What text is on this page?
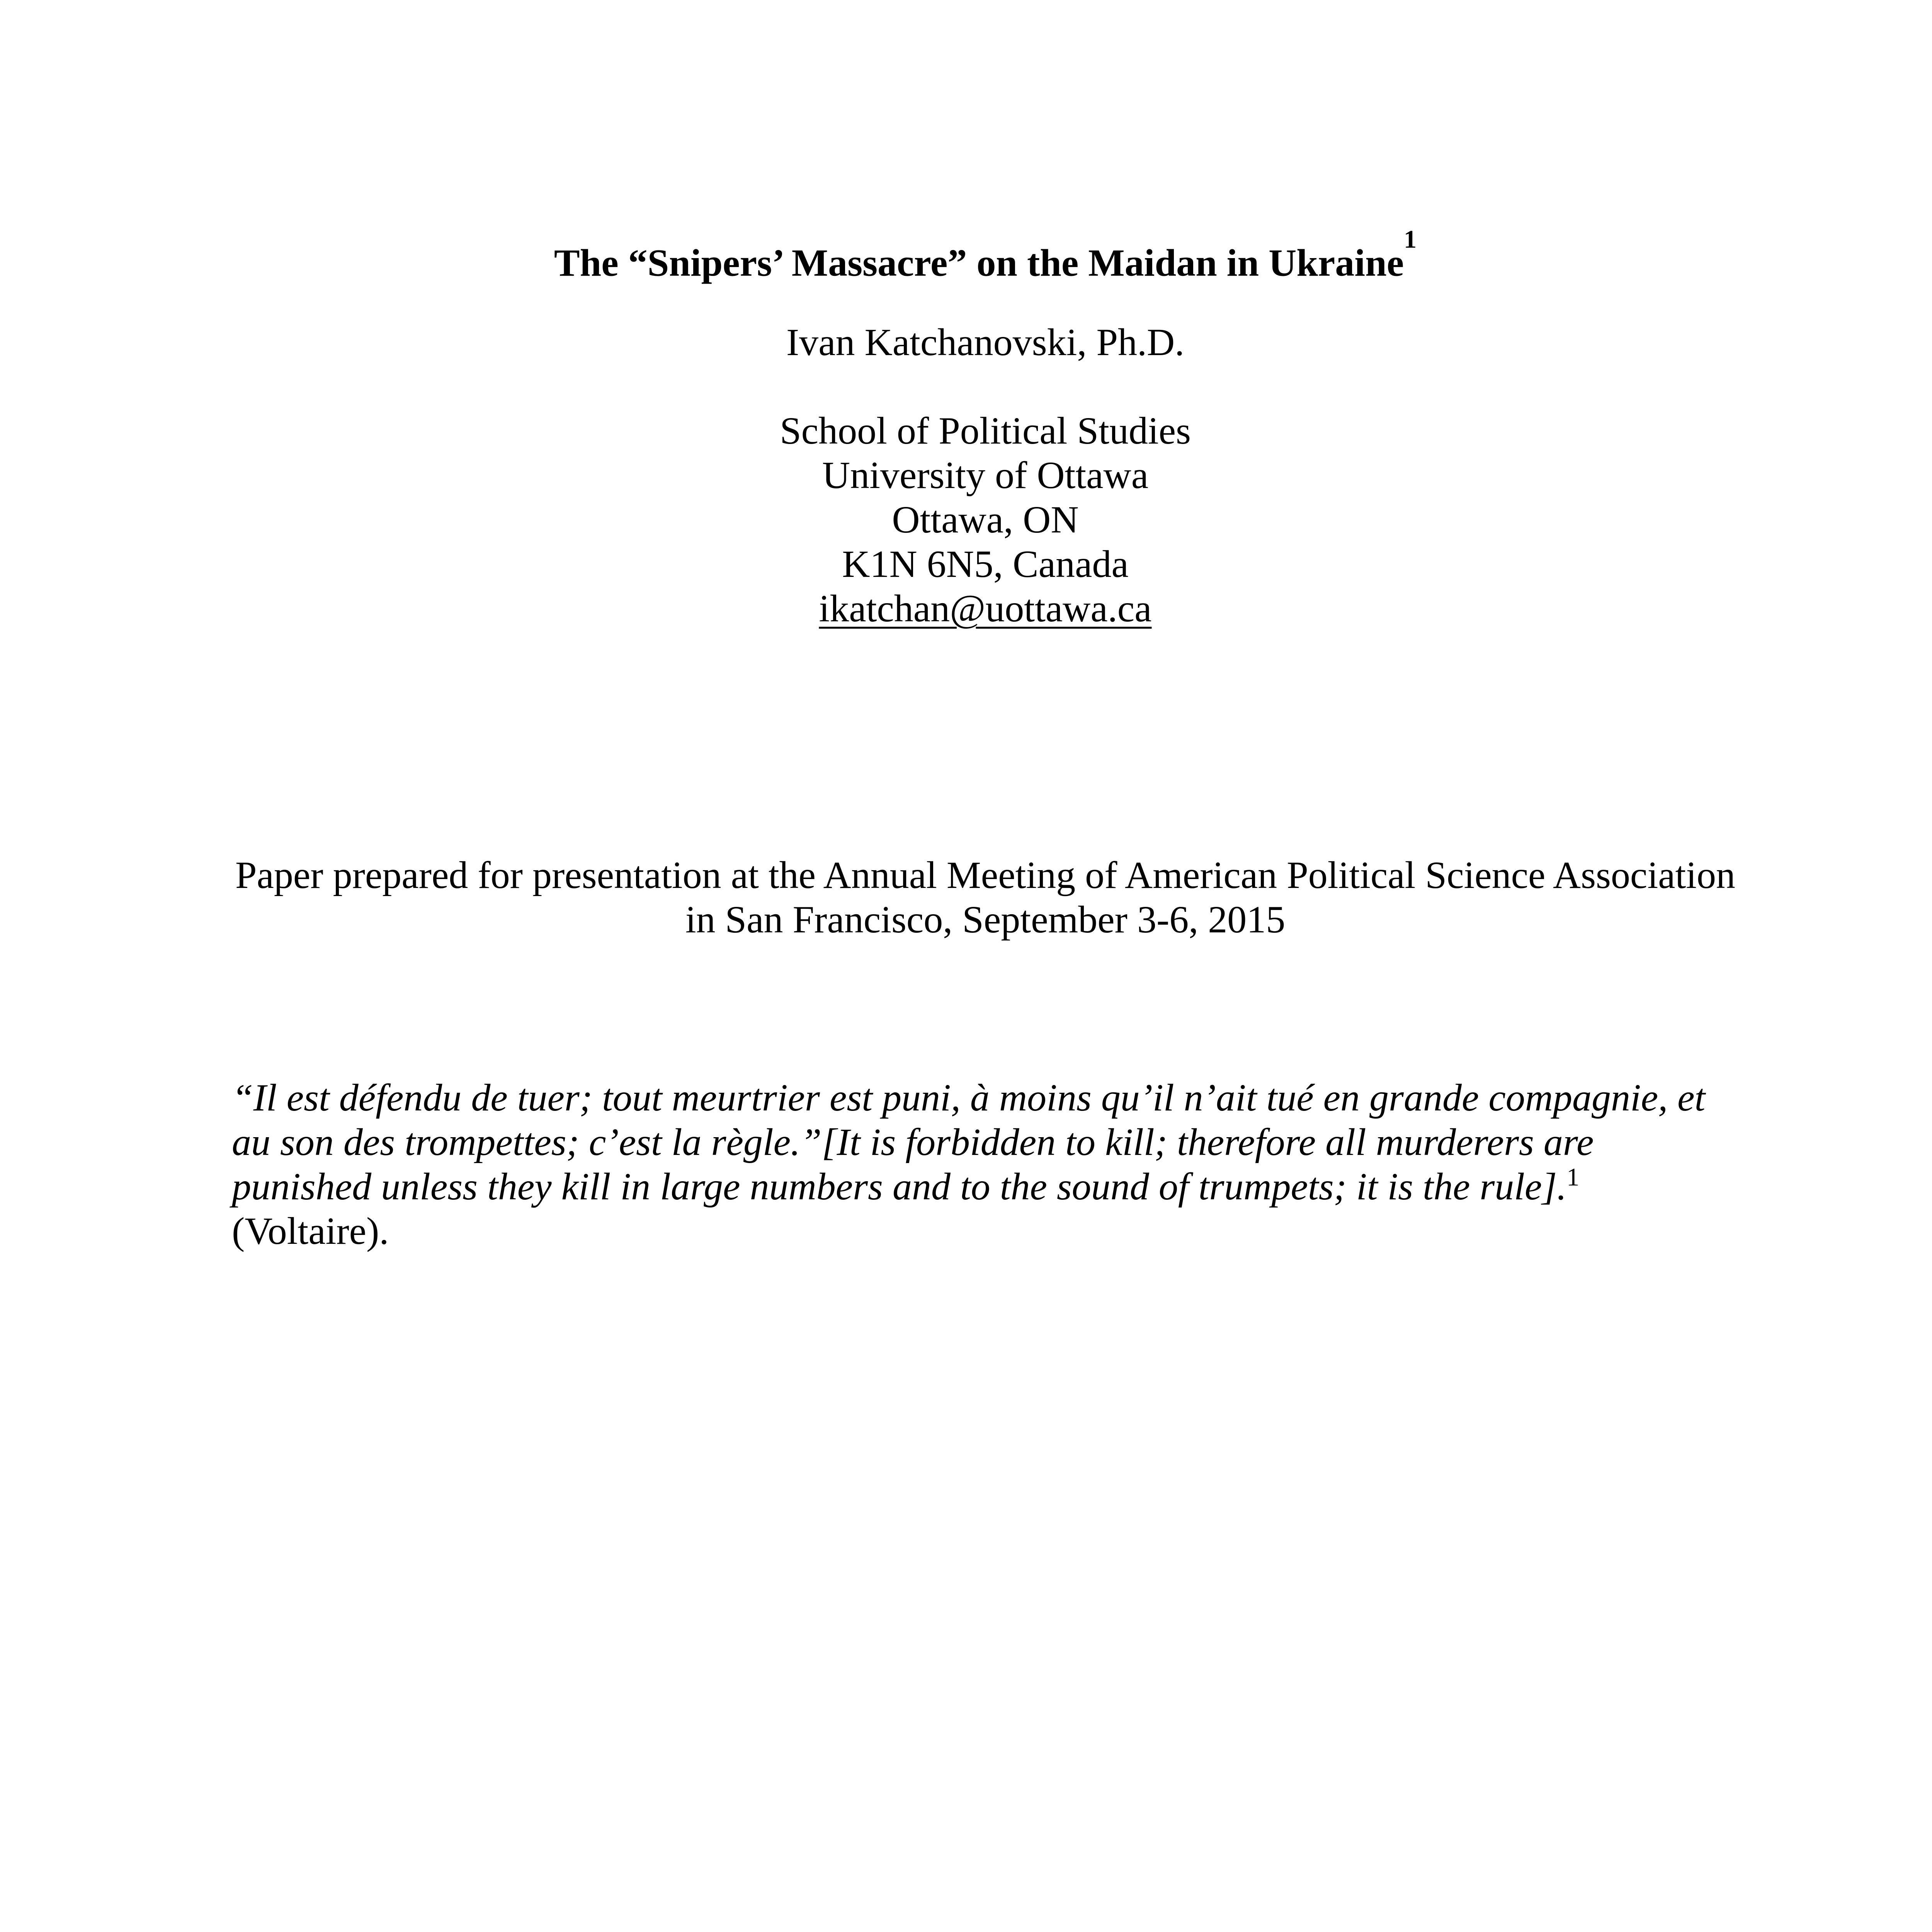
The “Snipers’ Massacre” on the Maidan in Ukraine$^1$
Ivan Katchanovski, Ph.D.
School of Political Studies
University of Ottawa
Ottawa, ON
K1N 6N5, Canada
ikatchan@uottawa.ca
Paper prepared for presentation at the Annual Meeting of American Political Science Association
in San Francisco, September 3-6, 2015
“Il est défendu de tuer; tout meurtrier est puni, à moins qu’il n’ait tué en grande compagnie, et
au son des trompettes; c’est la règle.”[It is forbidden to kill; therefore all murderers are
punished unless they kill in large numbers and to the sound of trumpets; it is the rule].$^1$
(Voltaire).
